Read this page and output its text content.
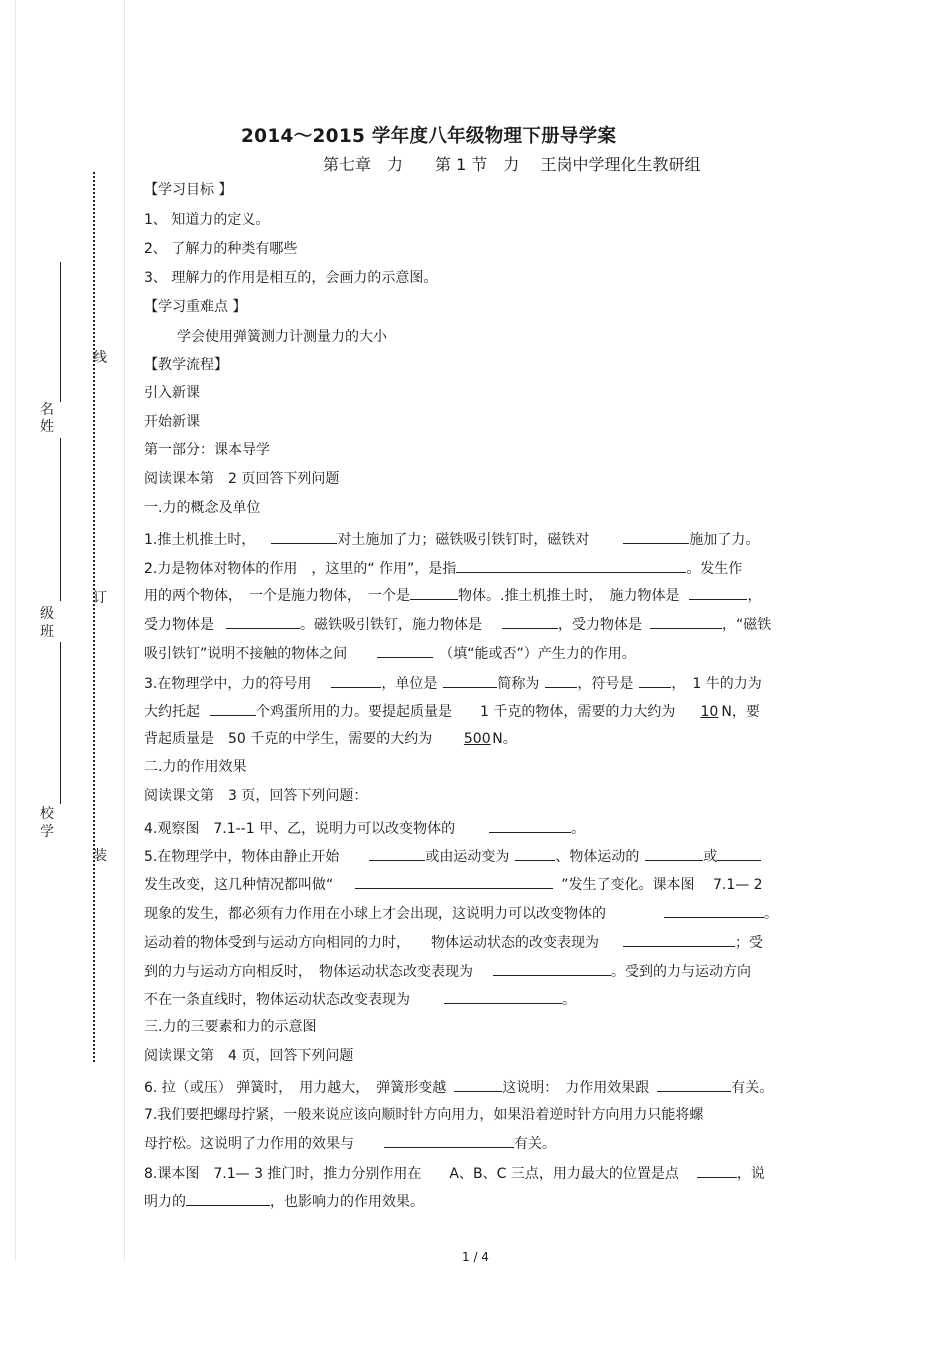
2014～2015 学年度八年级物理下册导学案
第七章　力　　第 1 节　力　 王岗中学理化生教研组
线
订
装
名
姓
级
班
校
学
【学习目标 】
1、 知道力的定义。
2、 了解力的种类有哪些
3、 理解力的作用是相互的，会画力的示意图。
【学习重难点 】
学会使用弹簧测力计测量力的大小
【教学流程】
引入新课
开始新课
第一部分：课本导学
阅读课本第　2 页回答下列问题
一.力的概念及单位
1.推土机推土时，	对土施加了力；磁铁吸引铁钉时，磁铁对	施加了力。
2.力是物体对物体的作用　，这里的“ 作用”，是指	。发生作
用的两个物体，　一个是施力物体，　一个是	物体。.推土机推土时，　施力物体是	，
受力物体是	。磁铁吸引铁钉，施力物体是	，受力物体是	，“磁铁
吸引铁钉”说明不接触的物体之间	（填“能或否”）产生力的作用。
3.在物理学中，力的符号用	，单位是	简称为	，符号是	，　1 牛的力为
大约托起	个鸡蛋所用的力。要提起质量是　　1 千克的物体，需要的力大约为 10 N，要
背起质量是　50 千克的中学生，需要的大约为 500 N。
二.力的作用效果
阅读课文第　3 页，回答下列问题：
4.观察图　7.1--1 甲、乙，说明力可以改变物体的	。
5.在物理学中，物体由静止开始	或由运动变为	、物体运动的	或
发生改变，这几种情况都叫做“	”发生了变化。课本图　 7.1— 2
现象的发生，都必须有力作用在小球上才会出现，这说明力可以改变物体的	。
运动着的物体受到与运动方向相同的力时，　　物体运动状态的改变表现为	；受
到的力与运动方向相反时，　物体运动状态改变表现为	。受到的力与运动方向
不在一条直线时，物体运动状态改变表现为	。
三.力的三要素和力的示意图
阅读课文第　4 页，回答下列问题
6. 拉（或压） 弹簧时，　用力越大，　弹簧形变越	这说明：　力作用效果跟	有关。
7.我们要把螺母拧紧，一般来说应该向顺时针方向用力，如果沿着逆时针方向用力只能将螺
母拧松。这说明了力作用的效果与	有关。
8.课本图　7.1— 3 推门时，推力分别作用在　　A、B、C 三点，用力最大的位置是点	，说
明力的	，也影响力的作用效果。
1 / 4
